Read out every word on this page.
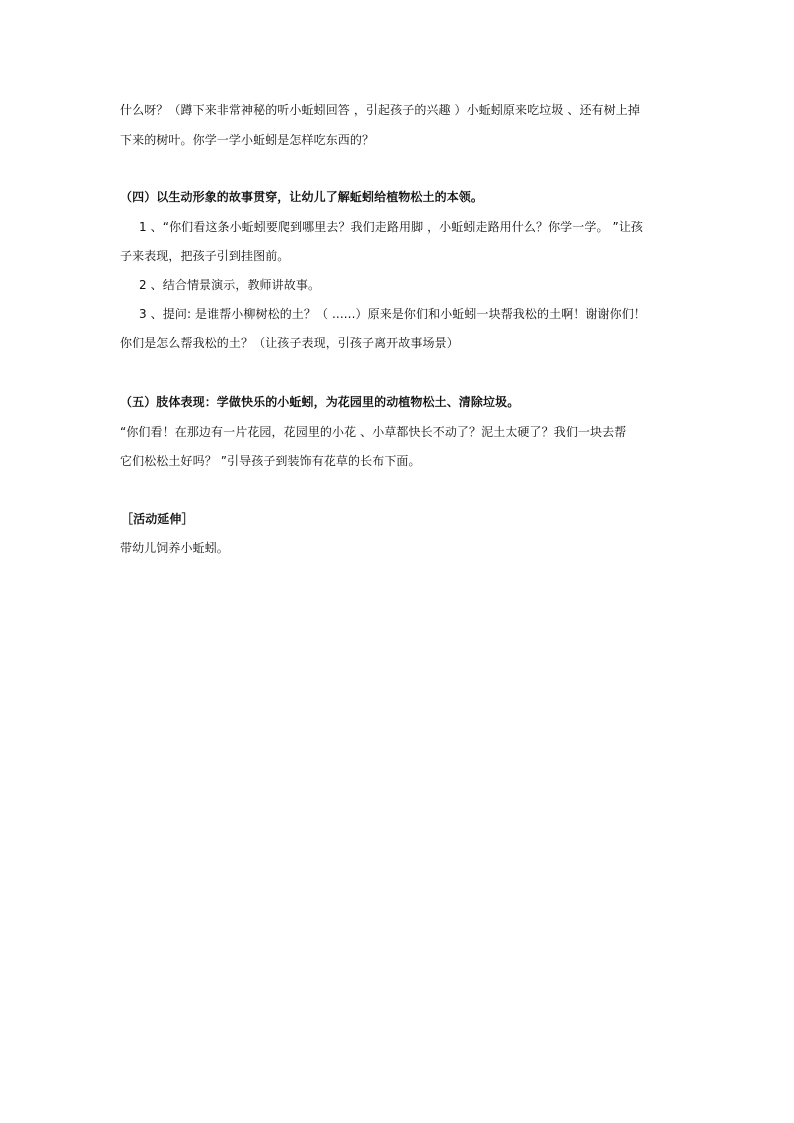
什么呀？（蹲下来非常神秘的听小蚯蚓回答 ，引起孩子的兴趣 ）小蚯蚓原来吃垃圾 、还有树上掉
下来的树叶。你学一学小蚯蚓是怎样吃东西的？
（四）以生动形象的故事贯穿，让幼儿了解蚯蚓给植物松土的本领。
1 、“你们看这条小蚯蚓要爬到哪里去？我们走路用脚 ，小蚯蚓走路用什么？你学一学。 ”让孩
子来表现，把孩子引到挂图前。
2 、结合情景演示，教师讲故事。
3 、提问: 是谁帮小柳树松的土？（ ......）原来是你们和小蚯蚓一块帮我松的土啊！谢谢你们！
你们是怎么帮我松的土？（让孩子表现，引孩子离开故事场景）
（五）肢体表现：学做快乐的小蚯蚓，为花园里的动植物松土、清除垃圾。
“你们看！在那边有一片花园，花园里的小花 、小草都快长不动了？泥土太硬了？我们一块去帮
它们松松土好吗？ ”引导孩子到装饰有花草的长布下面。
［活动延伸］
带幼儿饲养小蚯蚓。
